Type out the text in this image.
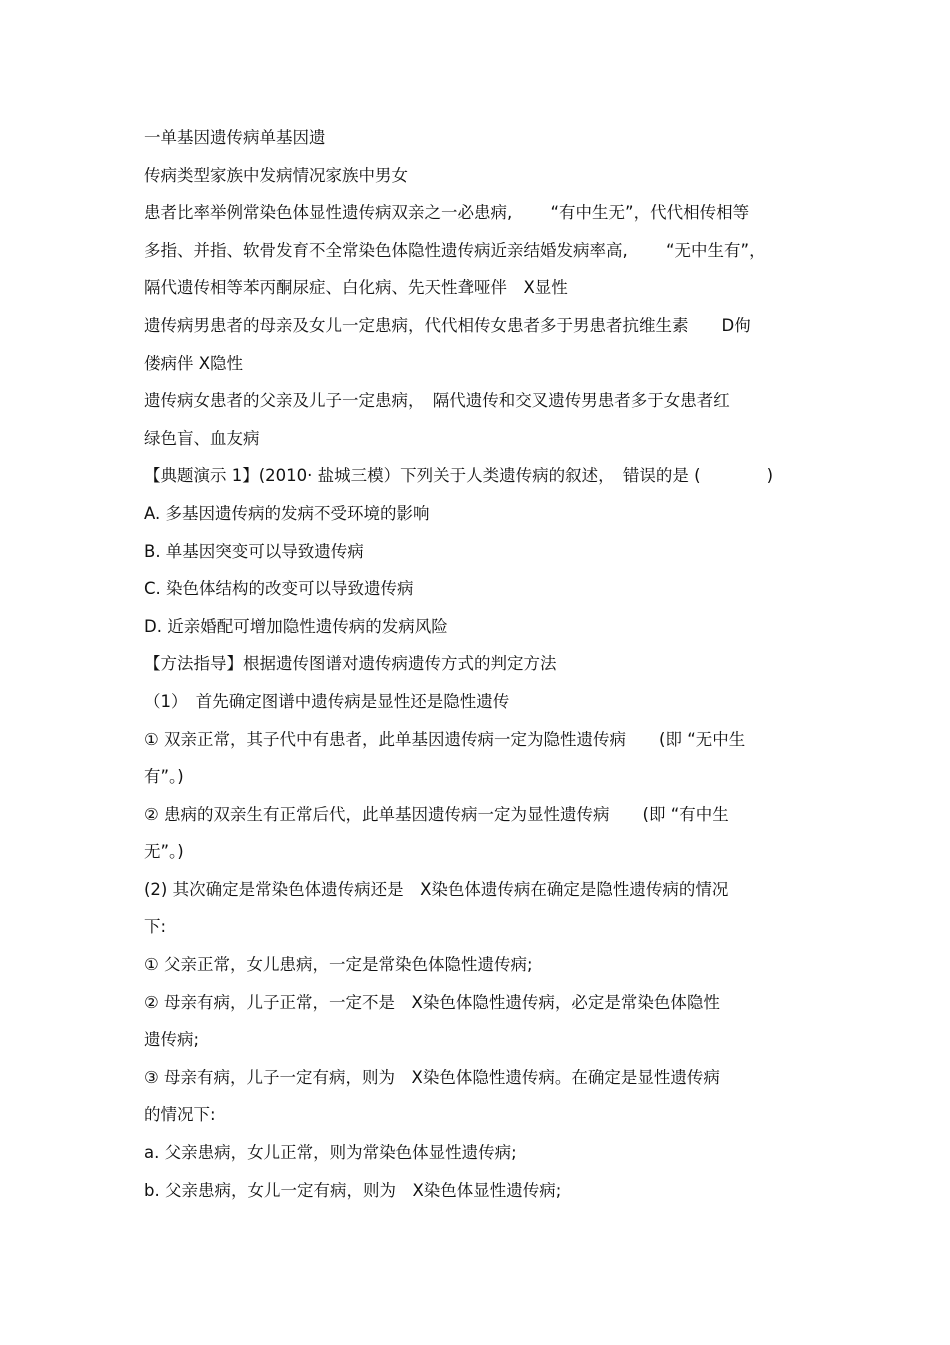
一单基因遗传病单基因遗
传病类型家族中发病情况家族中男女
患者比率举例常染色体显性遗传病双亲之一必患病,　　 “有中生无”，代代相传相等
多指、并指、软骨发育不全常染色体隐性遗传病近亲结婚发病率高,　　 “无中生有”，
隔代遗传相等苯丙酮尿症、白化病、先天性聋哑伴　X显性
遗传病男患者的母亲及女儿一定患病，代代相传女患者多于男患者抗维生素　　D佝
偻病伴 X隐性
遗传病女患者的父亲及儿子一定患病，　隔代遗传和交叉遗传男患者多于女患者红
绿色盲、血友病
【典题演示 1】(2010· 盐城三模）下列关于人类遗传病的叙述，　错误的是 (　　　　)
A. 多基因遗传病的发病不受环境的影响
B. 单基因突变可以导致遗传病
C. 染色体结构的改变可以导致遗传病
D. 近亲婚配可增加隐性遗传病的发病风险
【方法指导】根据遗传图谱对遗传病遗传方式的判定方法
（1）　首先确定图谱中遗传病是显性还是隐性遗传
① 双亲正常，其子代中有患者，此单基因遗传病一定为隐性遗传病　　(即 “无中生
有”。)
② 患病的双亲生有正常后代，此单基因遗传病一定为显性遗传病　　(即 “有中生
无”。)
(2) 其次确定是常染色体遗传病还是　X染色体遗传病在确定是隐性遗传病的情况
下:
① 父亲正常，女儿患病，一定是常染色体隐性遗传病;
② 母亲有病，儿子正常，一定不是　X染色体隐性遗传病，必定是常染色体隐性
遗传病;
③ 母亲有病，儿子一定有病，则为　X染色体隐性遗传病。在确定是显性遗传病
的情况下:
a. 父亲患病，女儿正常，则为常染色体显性遗传病;
b. 父亲患病，女儿一定有病，则为　X染色体显性遗传病;
